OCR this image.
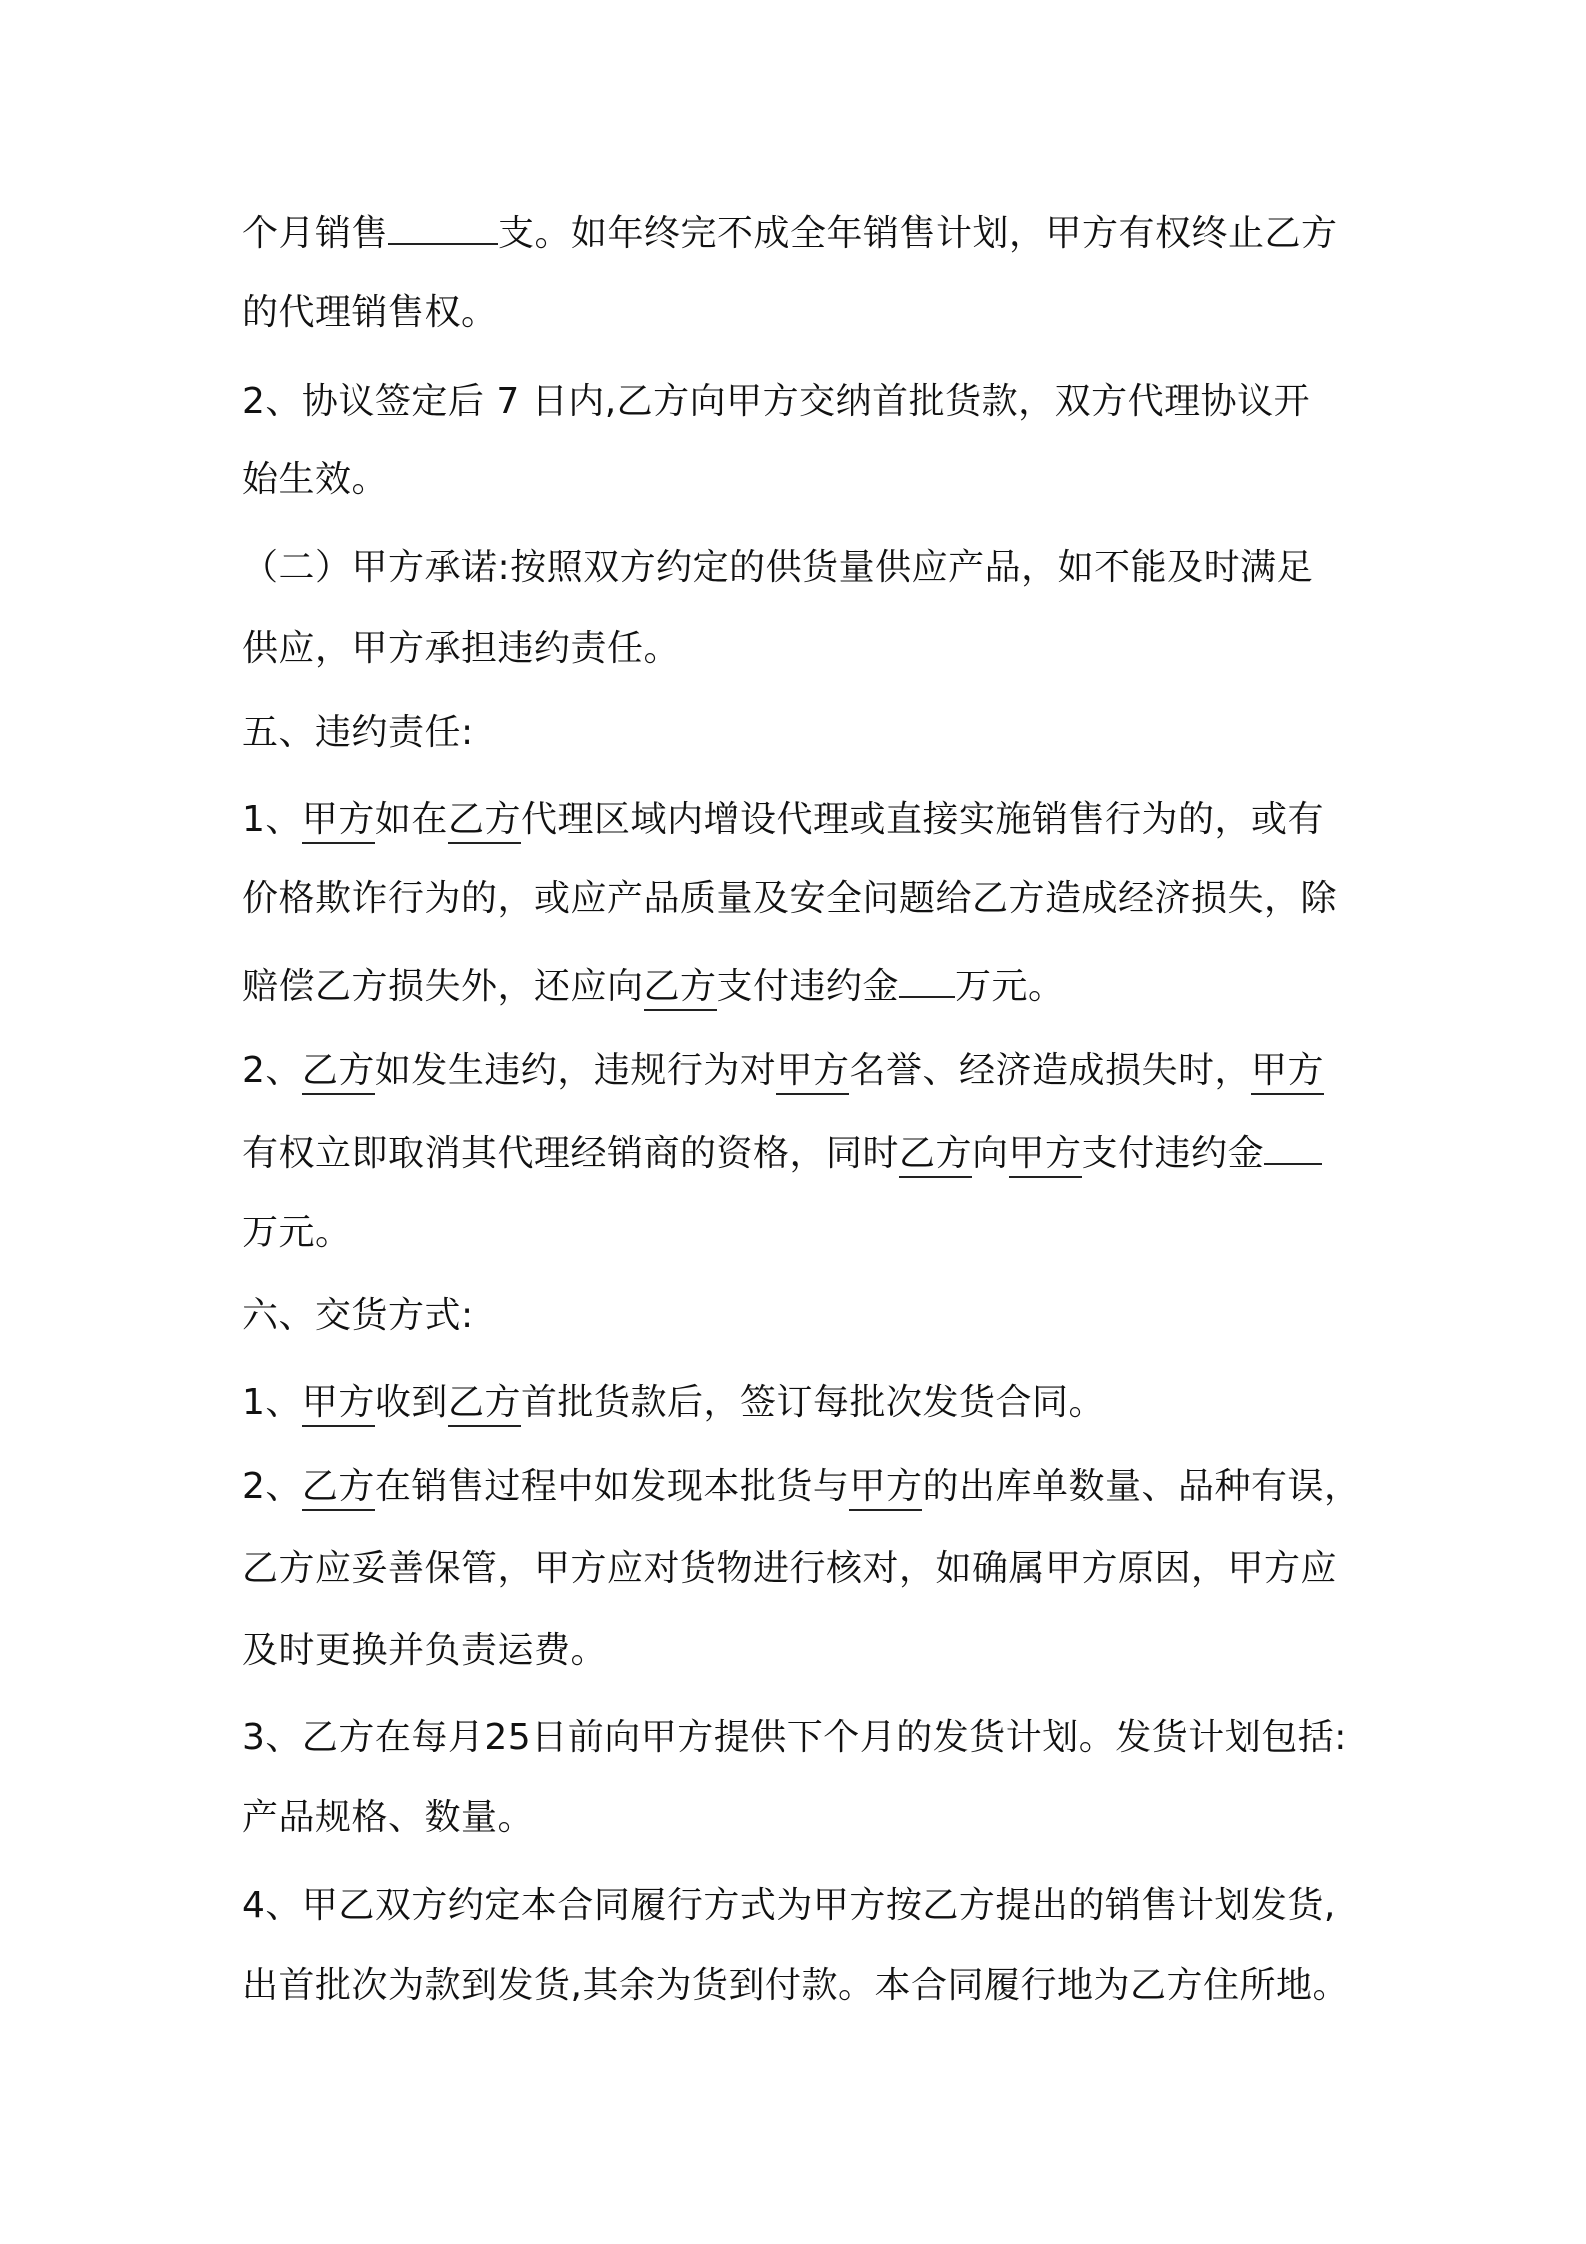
个月销售	支。如年终完不成全年销售计划，甲方有权终止乙方
的代理销售权。
2、协议签定后 7 日内,乙方向甲方交纳首批货款，双方代理协议开
始生效。
（二）甲方承诺:按照双方约定的供货量供应产品，如不能及时满足
供应，甲方承担违约责任。
五、违约责任:
1、甲方如在乙方代理区域内增设代理或直接实施销售行为的，或有
价格欺诈行为的，或应产品质量及安全问题给乙方造成经济损失，除
赔偿乙方损失外，还应向乙方支付违约金 万元。
2、乙方如发生违约，违规行为对甲方名誉、经济造成损失时，甲方
有权立即取消其代理经销商的资格，同时乙方向甲方支付违约金
万元。
六、交货方式:
1、甲方收到乙方首批货款后，签订每批次发货合同。
2、乙方在销售过程中如发现本批货与甲方的出库单数量、品种有误，
乙方应妥善保管，甲方应对货物进行核对，如确属甲方原因，甲方应
及时更换并负责运费。
3、乙方在每月25日前向甲方提供下个月的发货计划。发货计划包括:
产品规格、数量。
4、甲乙双方约定本合同履行方式为甲方按乙方提出的销售计划发货,
出首批次为款到发货,其余为货到付款。本合同履行地为乙方住所地。
